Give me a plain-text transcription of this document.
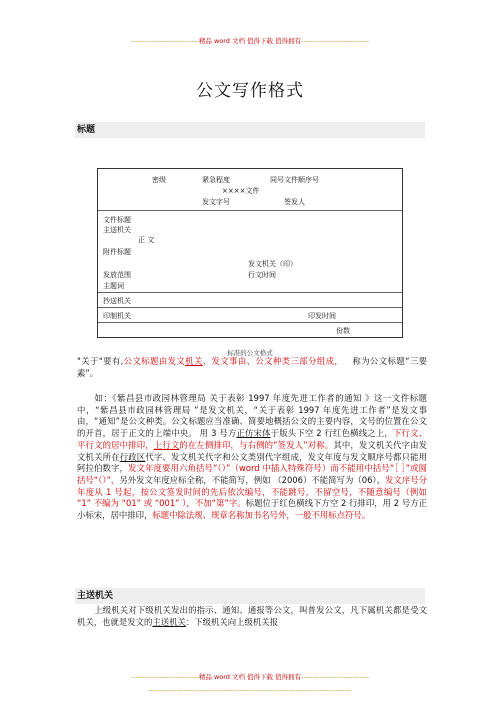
-----------------------------精品 word 文档 值得下载 值得拥有-----------------------------
公文写作格式
标题
密级	紧急程度	同号文件顺序号
××××文件
发文字号	签发人
文件标题
主送机关
正 文
附件标题
发文机关（印）
发放范围	行文时间
主题词
抄送机关
印制机关	印发时间
份数
标准的公文格式
"关于"要有,公文标题由发文机关、发文事由、公文种类三部分组成， 称为公文标题“三要素”。
如：《紫昌县市政园林管理局 关于表彰 1997 年度先进工作者的通知 》这一文件标题中，“紫昌县市政园林管理局 ”是发文机关，“关于表彰 1997 年度先进工作者”是发文事由，“通知”是公文种类。公文标题应当准确、简要地概括公文的主要内容，文号的位置在公文的开首，居于正文的上端中央。 用 3 号方正仿宋体于版头下空 2 行红色横线之上，下行文、平行文的居中排印，上行文的在左侧排印，与右侧的“签发人”对称。其中，发文机关代字由发文机关所在行政区代字、发文机关代字和公文类别代字组成，发文年度与发文顺序号都只能用阿拉伯数字，发文年度要用六角括号“（）”（word 中插入特殊符号）而不能用中括号“［ ］”或圆括号“（）”，另外发文年度应标全称，不能简写，例如 （2006）不能简写为（06）。发文序号分年度从 1 号起，按公文签发时间的先后依次编号，不能跳号，不留空号，不随意编号（例如 “1” 不编为 “01” 或 “001” ），不加“第”字。标题位于红色横线下方空 2 行排印，用 2 号方正小标宋，居中排印，标题中除法规、规章名称加书名号外，一般不用标点符号。
主送机关
上级机关对下级机关发出的指示、通知、通报等公文，叫普发公文，凡下属机关都是受文机关，也就是发文的主送机关：下级机关向上级机关报
-----------------------------精品 word 文档 值得下载 值得拥有-----------------------------
---------------------------------------------------------------------------------------
